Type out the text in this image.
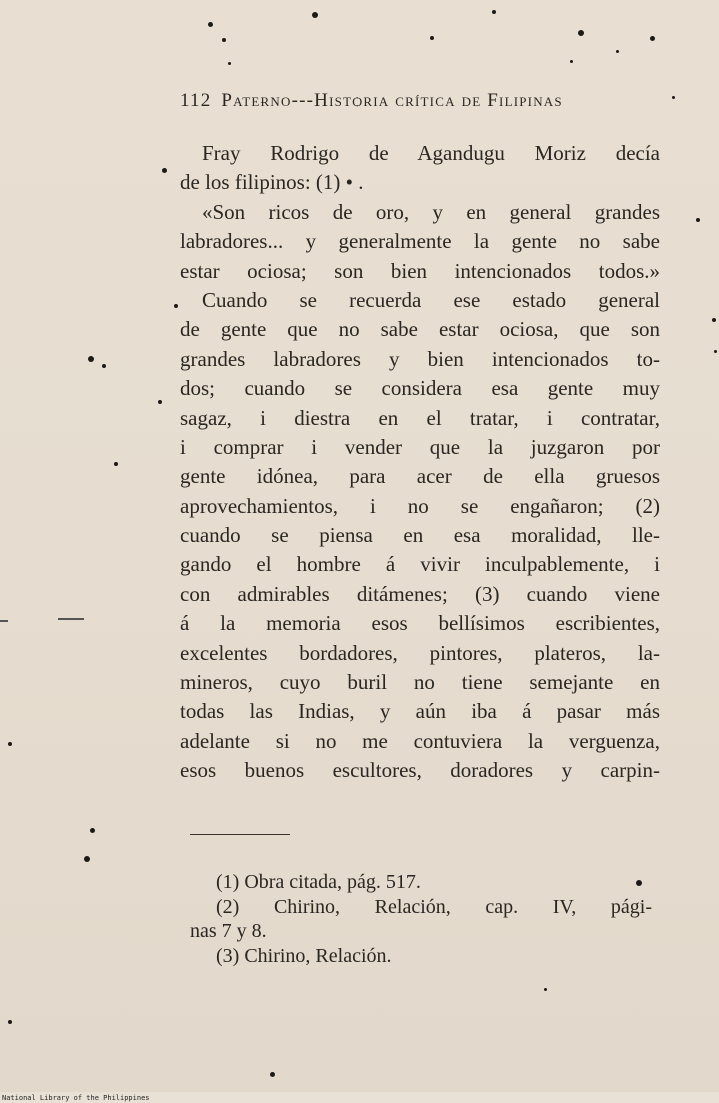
112 Pateɍno---Histѻria crítica de Filipinas
Fray Rodrigo de Agandugu Moriz decía
de los filipinos: (1) • .
«Son ricos de oro, y en general grandes
labradores... y generalmente la gente no sabe
estar ociosa; son bien intencionados todos.»
Cuando se recuerda ese estado general
de gente que no sabe estar ociosa, que son
grandes labradores y bien intencionados to-
dos; cuando se considera esa gente muy
sagaz, i diestra en el tratar, i contratar,
i comprar i vender que la juzgaron por
gente idónea, para acer de ella gruesos
aprovechamientos, i no se engañaron; (2)
cuando se piensa en esa moralidad, lle-
gando el hombre á vivir inculpablemente, i
con admirables ditámenes; (3) cuando viene
á la memoria esos bellísimos escribientes,
excelentes bordadores, pintores, plateros, la-
mineros, cuyo buril no tiene semejante en
todas las Indias, y aún iba á pasar más
adelante si no me contuviera la verguenza,
esos buenos escultores, doradores y carpin-
(1) Obra citada, pág. 517.
(2) Chirino, Relación, cap. IV, pági-
nas 7 y 8.
(3) Chirino, Relación.
National Library of the Philippines
